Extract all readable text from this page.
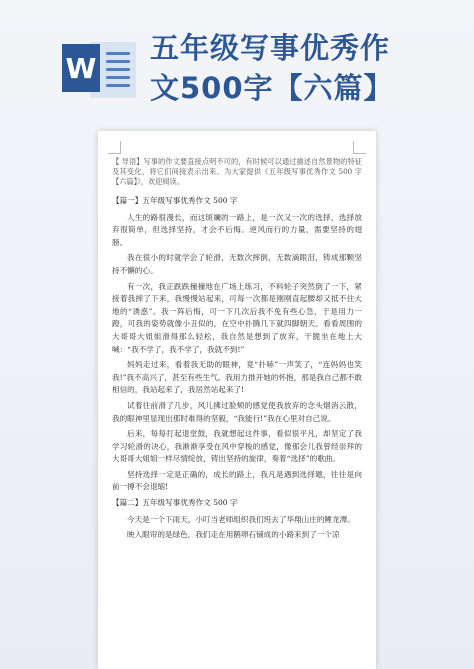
W
五年级写事优秀作
文500字【六篇】

【 导语】写事的作文要直接点明不可的，有时候可以通过描述自然景物的特征及其变化，将它们间接表示出来。为大家提供《五年级写事优秀作文 500 字【六篇】》，欢迎阅读。

【篇一】五年级写事优秀作文 500 字

人生的路很漫长，而这斑斓的一路上，是一次又一次的选择，选择放弃很简单，但选择坚持，才会不后悔。逆风而行的力量，需要坚持的翅膀。

我在很小的时就学会了轮滑，无数次摔倒，无数滴眼泪，铸成那颗坚持不懈的心。

有一次，我正跌跌撞撞地在广场上练习，不料轮子突然倒了一下，紧接着我摔了下来，我慢慢站起来，可每一次都是刚刚直起腰却又抵不住大地的“诱惑”。我一阵后悔，可一下几次后我不免有些心急，于是用力一蹬，可我的姿势就像小丑似的，在空中扑腾几下就四脚朝天。看看周围的大哥哥大姐姐滑得那么轻松，我自然是想到了放弃，干脆坐在地上大喊：“我不学了，我不学了，我就不到!”

妈妈走过来，看着我无助的眼神，竟“扑哧”一声笑了，“连妈妈也笑我!”我不高兴了，甚至有些生气。我用力推开她的怀抱，那是我自己都不敢相信的，我站起来了，我居然站起来了!

试着往前滑了几步，风儿拂过脸颊的感觉使我放弃的念头烟消云散，我的眼神里显现出那时难得的坚毅，“我能行!”我在心里对自己说。

后来，每每打起退堂鼓，我就想起这件事，看似很平凡，却坚定了我学习轮滑的决心，我渐渐享受在风中穿梭的感觉，像那会儿我曾经崇拜的大哥哥大姐姐一样尽情绽放，铸出坚持的旋律，奏着“选择”的歌曲。

坚持选择一定是正确的，成长的路上，我凡是遇到选择题，往往是向前一搏不会退缩!

【篇二】五年级写事优秀作文 500 字

今天是一个下雨天，小叮当老师组织我们班去了华翔山庄的鲤龙潭。

映入眼帘的是绿色，我们走在用鹅卵石铺成的小路来到了一个凉
